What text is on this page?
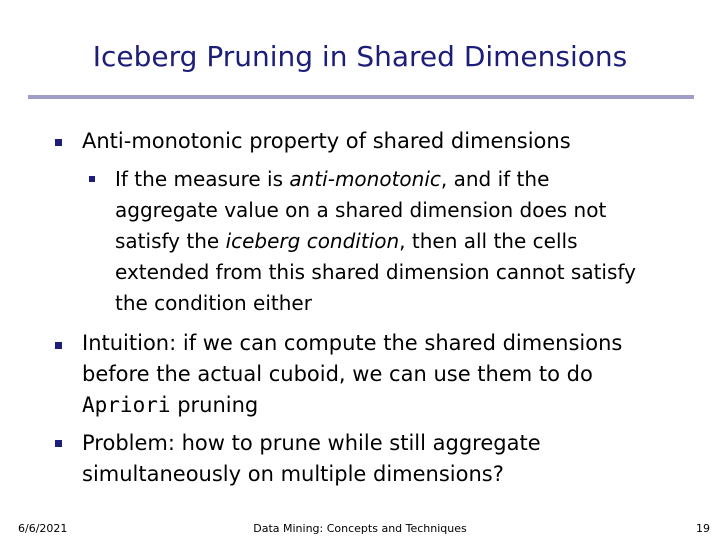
Iceberg Pruning in Shared Dimensions
Anti-monotonic property of shared dimensions
If the measure is anti-monotonic, and if the aggregate value on a shared dimension does not satisfy the iceberg condition, then all the cells extended from this shared dimension cannot satisfy the condition either
Intuition: if we can compute the shared dimensions before the actual cuboid, we can use them to do Apriori pruning
Problem: how to prune while still aggregate simultaneously on multiple dimensions?
6/6/2021	Data Mining: Concepts and Techniques	19
